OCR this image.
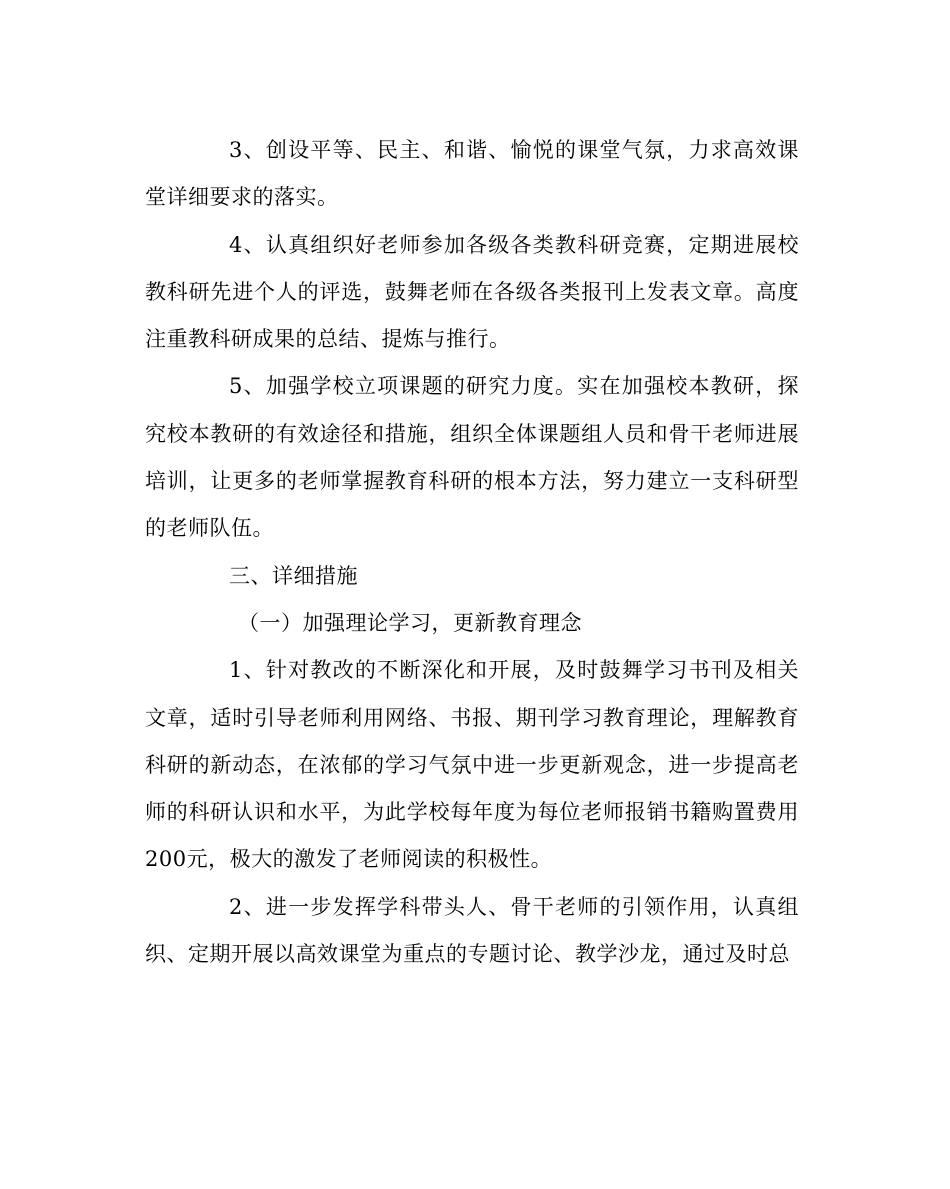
3、创设平等、民主、和谐、愉悦的课堂气氛，力求高效课堂详细要求的落实。

4、认真组织好老师参加各级各类教科研竞赛，定期进展校教科研先进个人的评选，鼓舞老师在各级各类报刊上发表文章。高度注重教科研成果的总结、提炼与推行。

5、加强学校立项课题的研究力度。实在加强校本教研，探究校本教研的有效途径和措施，组织全体课题组人员和骨干老师进展培训，让更多的老师掌握教育科研的根本方法，努力建立一支科研型的老师队伍。

三、详细措施

（一）加强理论学习，更新教育理念

1、针对教改的不断深化和开展，及时鼓舞学习书刊及相关文章，适时引导老师利用网络、书报、期刊学习教育理论，理解教育科研的新动态，在浓郁的学习气氛中进一步更新观念，进一步提高老师的科研认识和水平，为此学校每年度为每位老师报销书籍购置费用200元，极大的激发了老师阅读的积极性。

2、进一步发挥学科带头人、骨干老师的引领作用，认真组织、定期开展以高效课堂为重点的专题讨论、教学沙龙，通过及时总
